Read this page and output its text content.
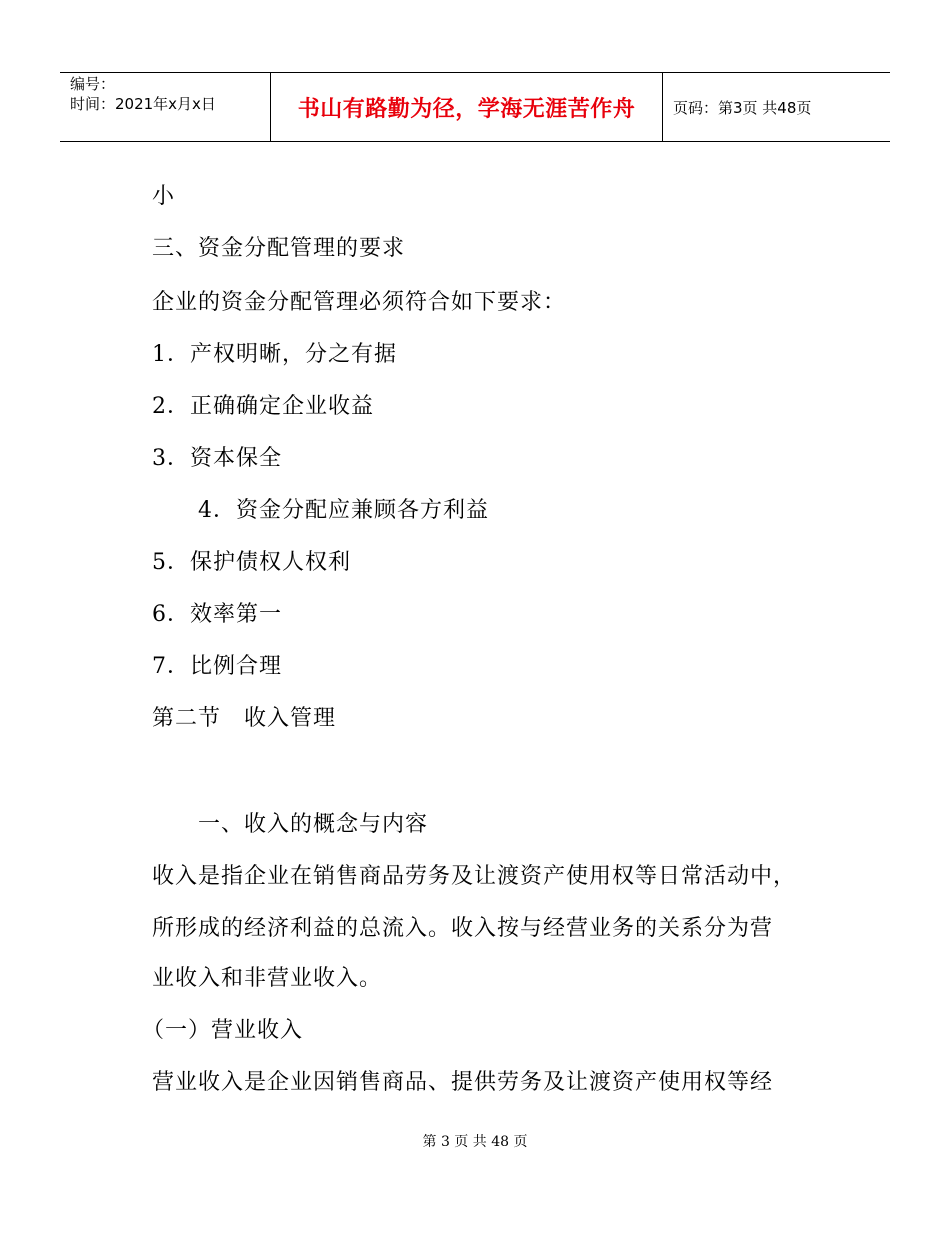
编号：
时间：2021年x月x日	书山有路勤为径，学海无涯苦作舟	页码：第3页 共48页
小
三、资金分配管理的要求
企业的资金分配管理必须符合如下要求：
1．产权明晰，分之有据
2．正确确定企业收益
3．资本保全
4．资金分配应兼顾各方利益
5．保护债权人权利
6．效率第一
7．比例合理
第二节　收入管理
一、收入的概念与内容
收入是指企业在销售商品劳务及让渡资产使用权等日常活动中，
所形成的经济利益的总流入。收入按与经营业务的关系分为营
业收入和非营业收入。
（一）营业收入
营业收入是企业因销售商品、提供劳务及让渡资产使用权等经
第 3 页 共 48 页
